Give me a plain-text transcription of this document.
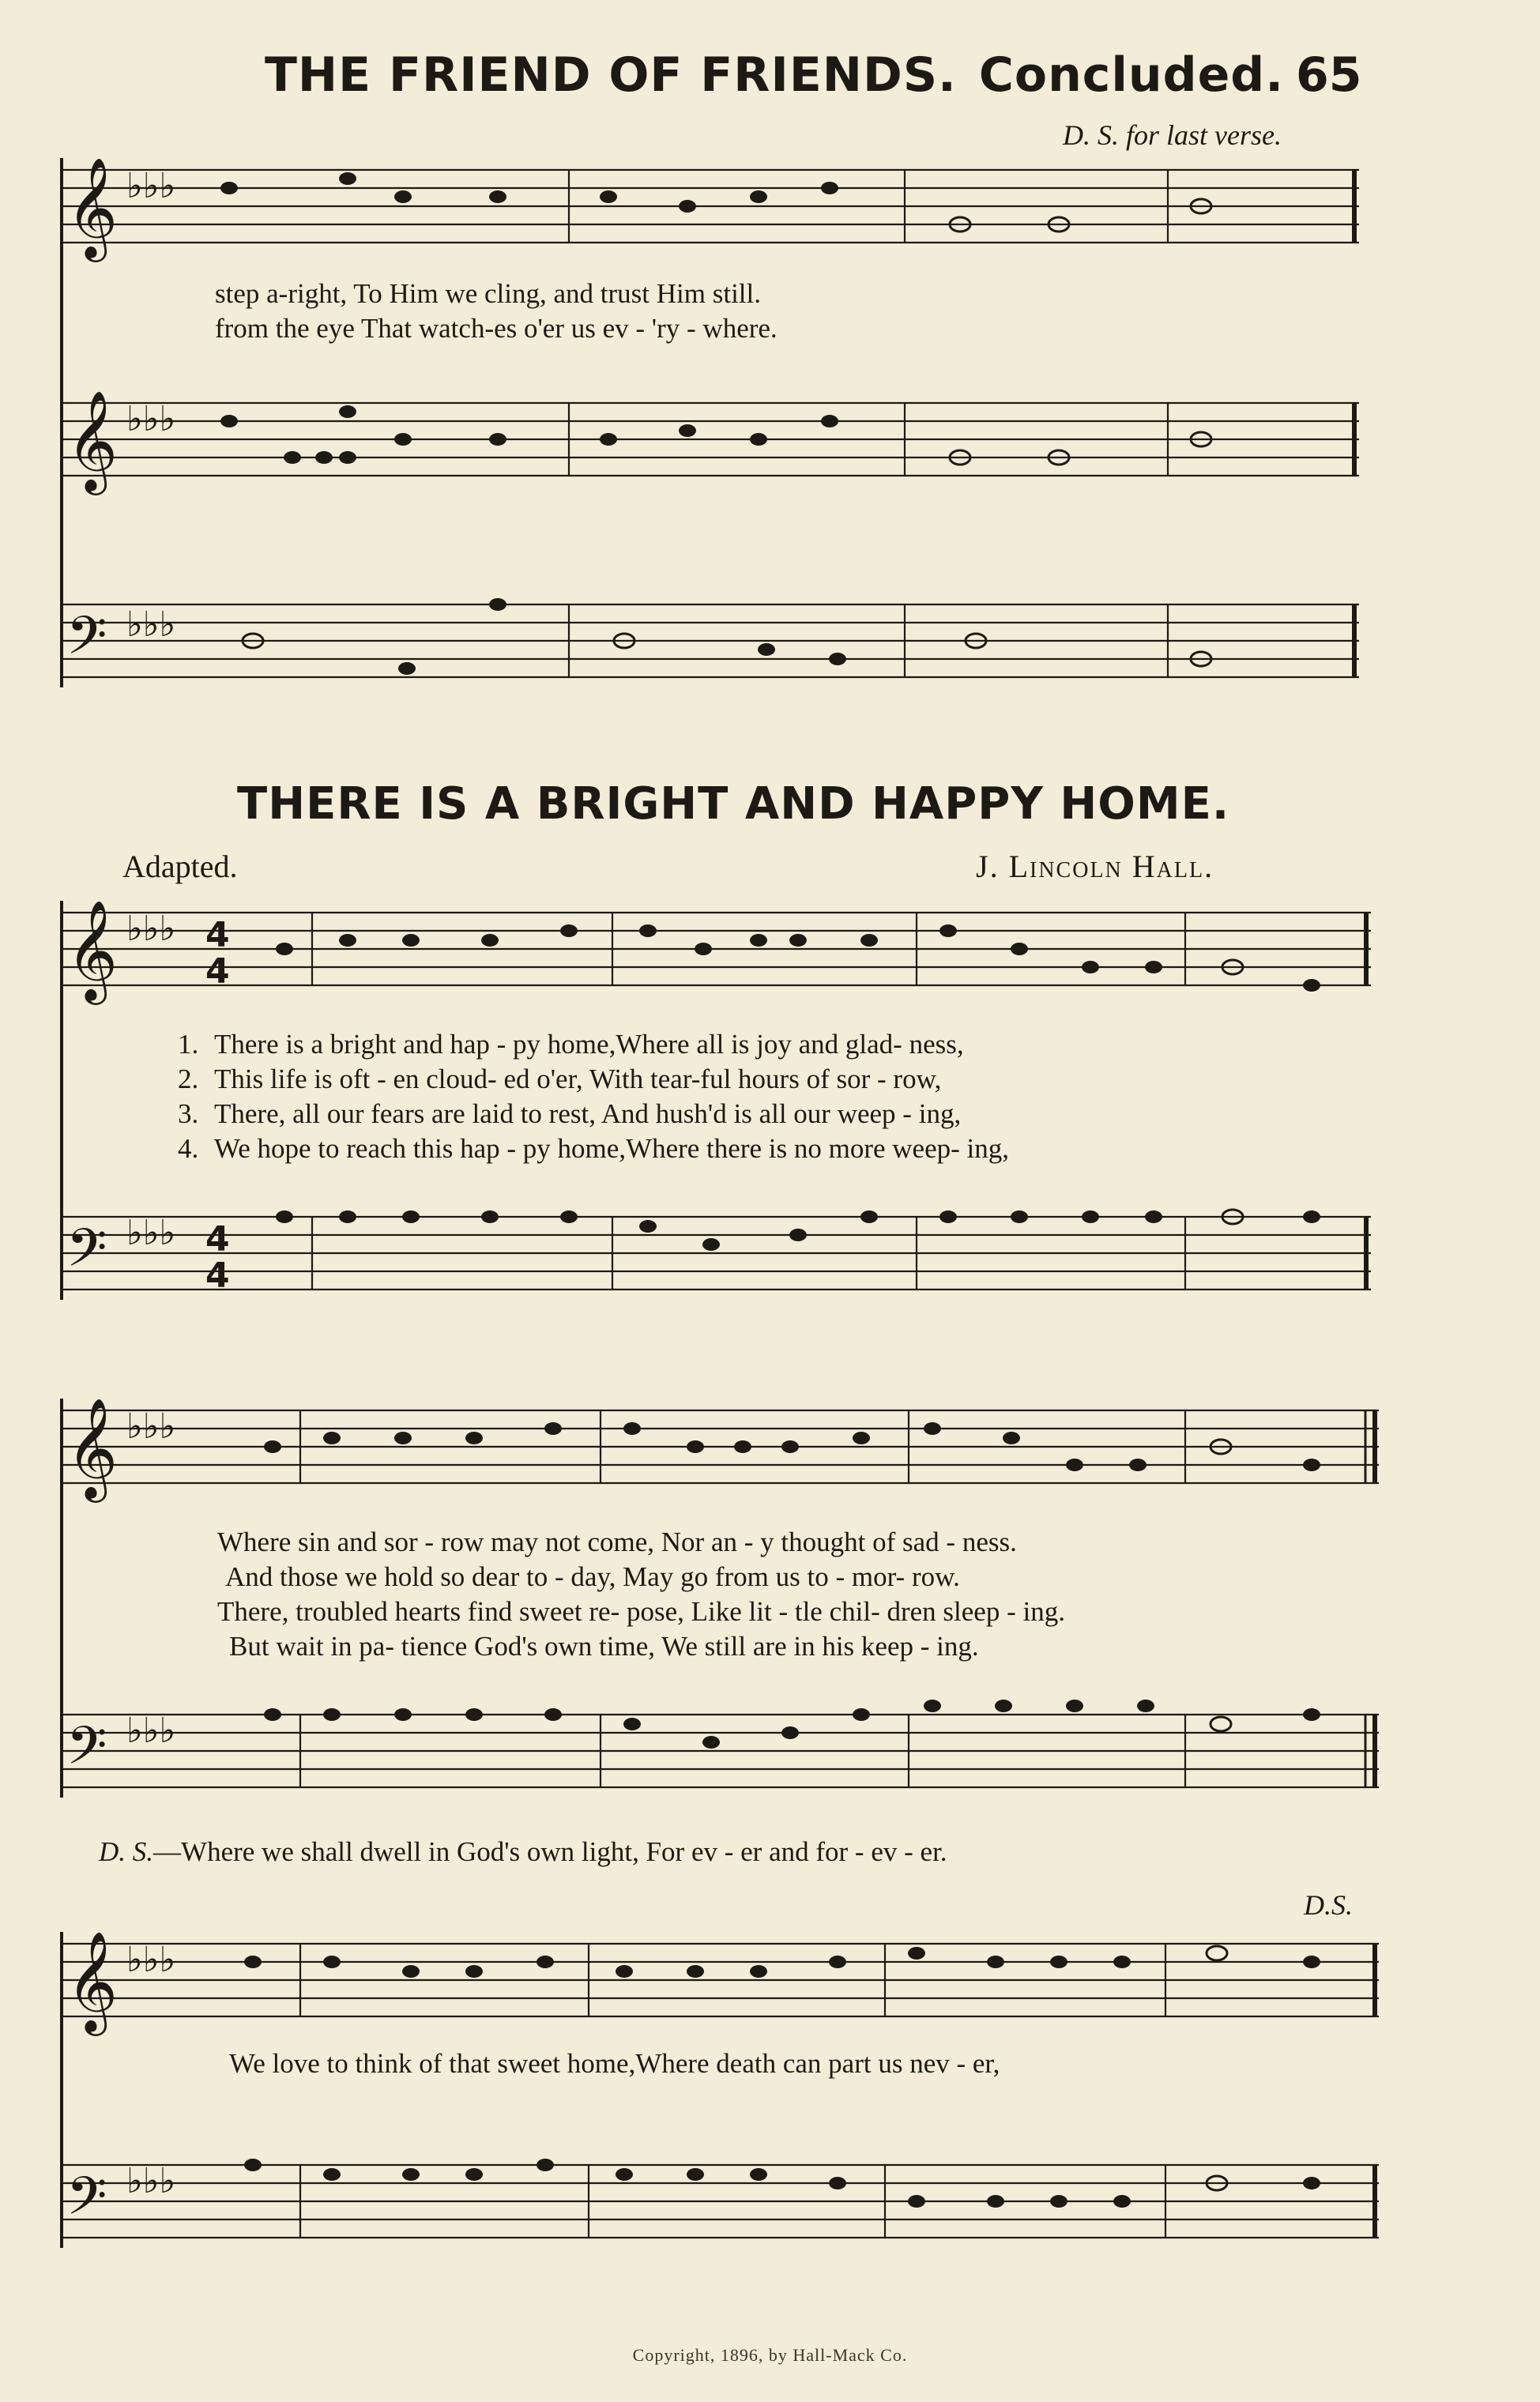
THE FRIEND OF FRIENDS. Concluded. 65
D. S. for last verse.
𝄞
𝄞
𝄢
𝄞
𝄢
𝄞
𝄢
𝄞
𝄢
♭♭♭
♭♭♭
♭♭♭
♭♭♭
♭♭♭
♭♭♭
♭♭♭
♭♭♭
♭♭♭
4
4
4
4
step a-right, To Him we cling, and trust Him still.
from the eye That watch-es o'er us ev - 'ry - where.
THERE IS A BRIGHT AND HAPPY HOME.
Adapted.	J. Lincoln Hall.
1. There is a bright and hap - py home,Where all is joy and glad- ness,
2. This life is oft - en cloud- ed o'er, With tear-ful hours of sor - row,
3. There, all our fears are laid to rest, And hush'd is all our weep - ing,
4. We hope to reach this hap - py home,Where there is no more weep- ing,
Where sin and sor - row may not come, Nor an - y thought of sad - ness.
And those we hold so dear to - day, May go from us to - mor- row.
There, troubled hearts find sweet re- pose, Like lit - tle chil- dren sleep - ing.
But wait in pa- tience God's own time, We still are in his keep - ing.
D. S.—Where we shall dwell in God's own light, For ev - er and for - ev - er.
D.S.
We love to think of that sweet home,Where death can part us nev - er,
Copyright, 1896, by Hall-Mack Co.
